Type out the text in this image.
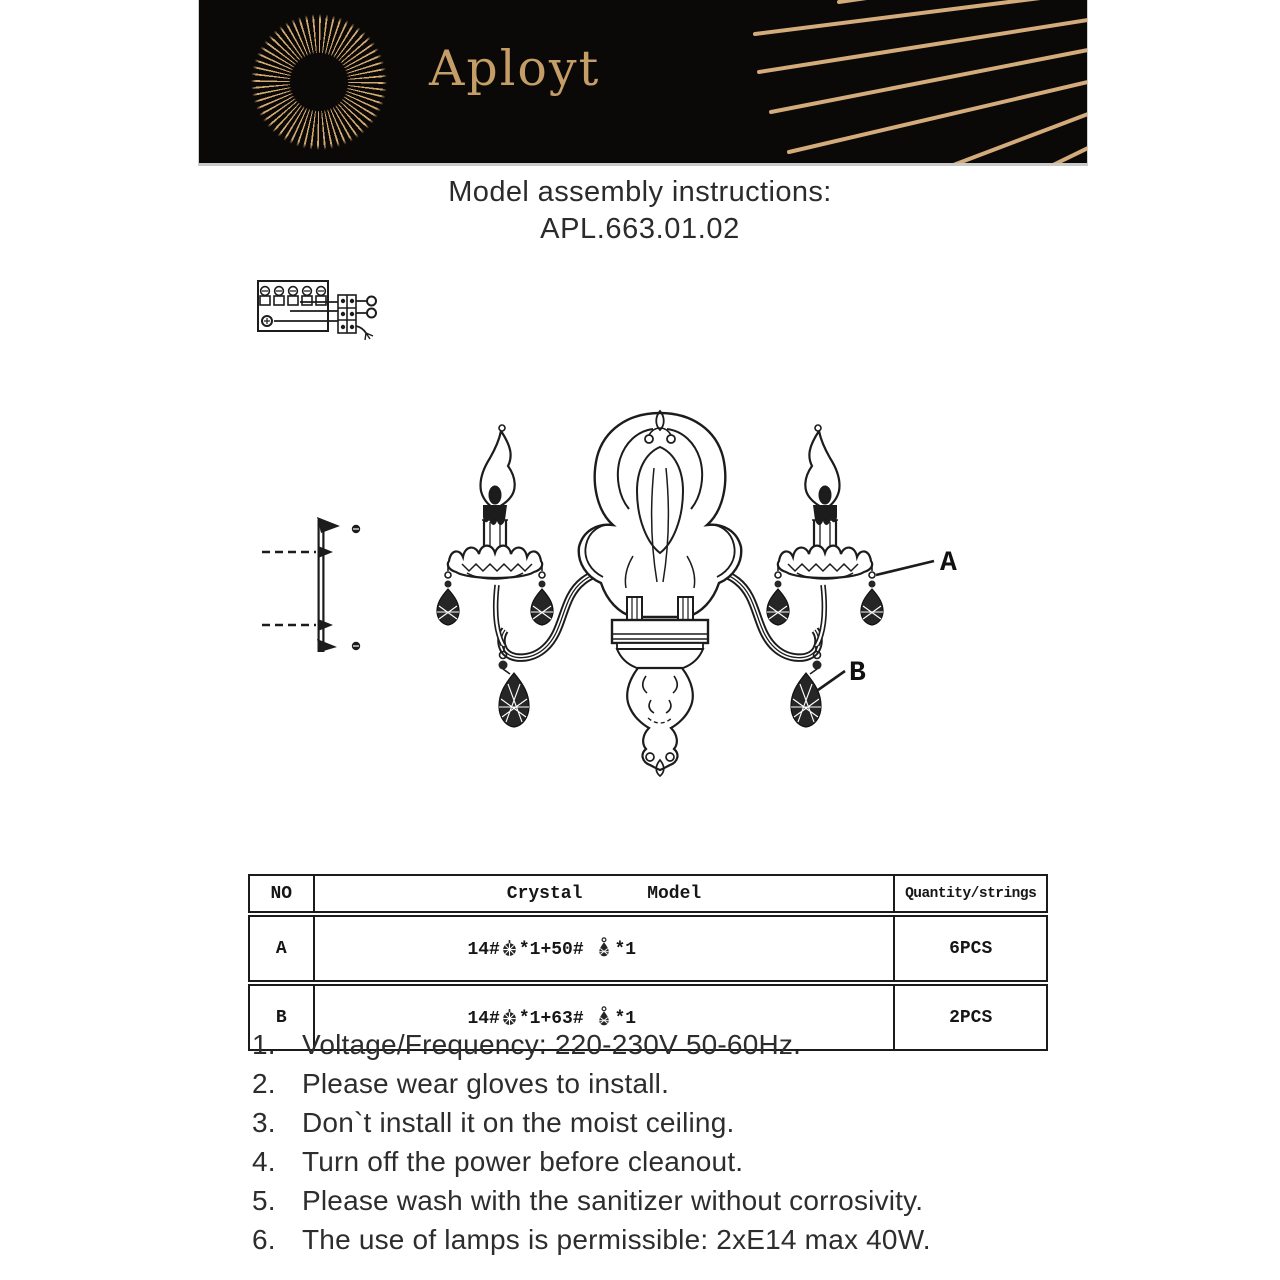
Aployt
Model assembly instructions:
APL.663.01.02
A
B
NO	Crystal      Model	Quantity/strings
A	14# *1+50# *1	6PCS
B	14# *1+63# *1	2PCS
1. Voltage/Frequency: 220-230V 50-60Hz.
2. Please wear gloves to install.
3. Don`t install it on the moist ceiling.
4. Turn off the power before cleanout.
5. Please wash with the sanitizer without corrosivity.
6. The use of lamps is permissible: 2xE14 max 40W.
